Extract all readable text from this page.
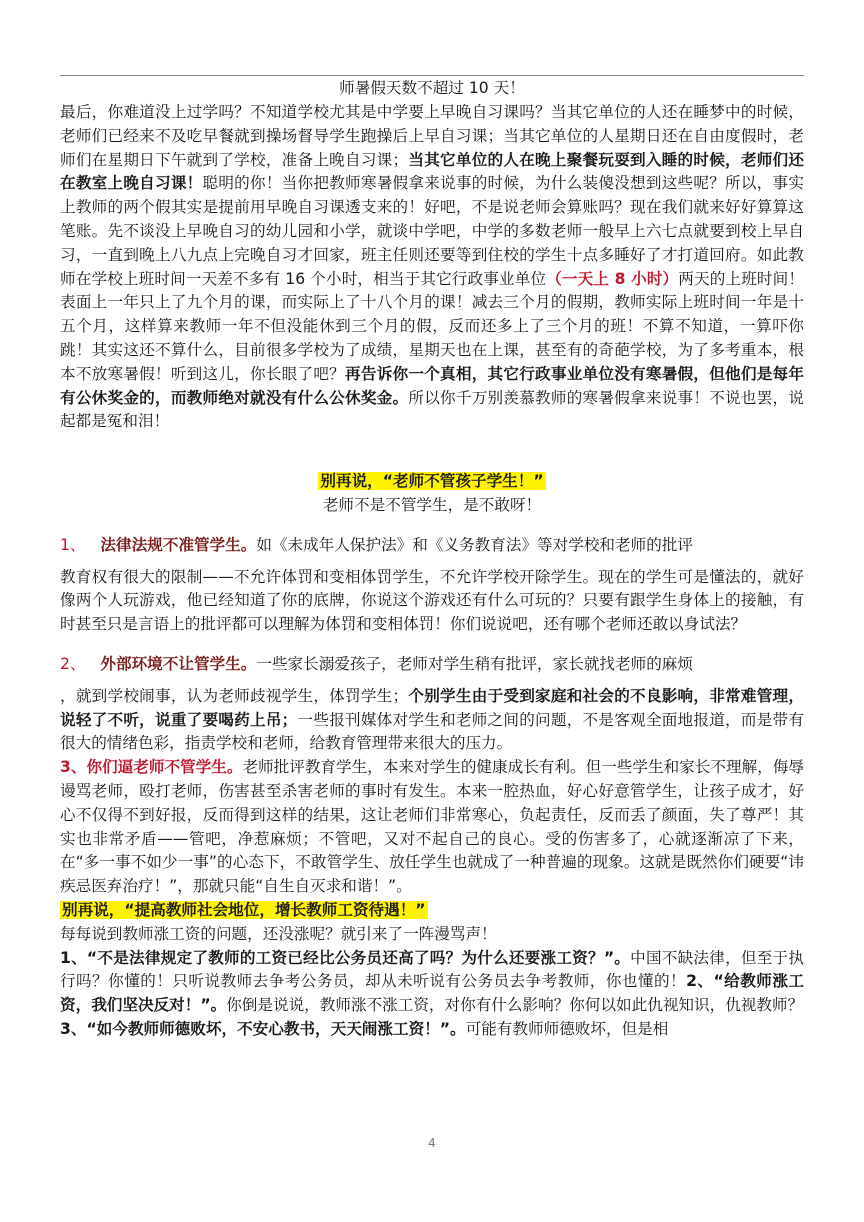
师暑假天数不超过 10 天！

最后，你难道没上过学吗？不知道学校尤其是中学要上早晚自习课吗？当其它单位的人还在睡梦中的时候，老师们已经来不及吃早餐就到操场督导学生跑操后上早自习课；当其它单位的人星期日还在自由度假时，老师们在星期日下午就到了学校，准备上晚自习课；当其它单位的人在晚上聚餐玩耍到入睡的时候，老师们还在教室上晚自习课！聪明的你！当你把教师寒暑假拿来说事的时候，为什么装傻没想到这些呢？所以，事实上教师的两个假其实是提前用早晚自习课透支来的！好吧，不是说老师会算账吗？现在我们就来好好算算这笔账。先不谈没上早晚自习的幼儿园和小学，就谈中学吧，中学的多数老师一般早上六七点就要到校上早自习，一直到晚上八九点上完晚自习才回家，班主任则还要等到住校的学生十点多睡好了才打道回府。如此教师在学校上班时间一天差不多有 16 个小时，相当于其它行政事业单位（一天上 8 小时）两天的上班时间！表面上一年只上了九个月的课，而实际上了十八个月的课！减去三个月的假期，教师实际上班时间一年是十五个月，这样算来教师一年不但没能休到三个月的假，反而还多上了三个月的班！不算不知道，一算吓你跳！其实这还不算什么，目前很多学校为了成绩，星期天也在上课，甚至有的奇葩学校，为了多考重本，根本不放寒暑假！听到这儿，你长眼了吧？再告诉你一个真相，其它行政事业单位没有寒暑假，但他们是每年有公休奖金的，而教师绝对就没有什么公休奖金。所以你千万别羡慕教师的寒暑假拿来说事！不说也罢，说起都是冤和泪！

别再说，“老师不管孩子学生！”

老师不是不管学生，是不敢呀！

1、 法律法规不准管学生。如《未成年人保护法》和《义务教育法》等对学校和老师的批评

教育权有很大的限制——不允许体罚和变相体罚学生，不允许学校开除学生。现在的学生可是懂法的，就好像两个人玩游戏，他已经知道了你的底牌，你说这个游戏还有什么可玩的？只要有跟学生身体上的接触，有时甚至只是言语上的批评都可以理解为体罚和变相体罚！你们说说吧，还有哪个老师还敢以身试法？

2、 外部环境不让管学生。一些家长溺爱孩子，老师对学生稍有批评，家长就找老师的麻烦

，就到学校闹事，认为老师歧视学生，体罚学生；个别学生由于受到家庭和社会的不良影响，非常难管理，说轻了不听，说重了要喝药上吊；一些报刊媒体对学生和老师之间的问题，不是客观全面地报道，而是带有很大的情绪色彩，指责学校和老师，给教育管理带来很大的压力。

3、你们逼老师不管学生。老师批评教育学生，本来对学生的健康成长有利。但一些学生和家长不理解，侮辱谩骂老师，殴打老师，伤害甚至杀害老师的事时有发生。本来一腔热血，好心好意管学生，让孩子成才，好心不仅得不到好报，反而得到这样的结果，这让老师们非常寒心，负起责任，反而丢了颜面，失了尊严！其实也非常矛盾——管吧，净惹麻烦；不管吧，又对不起自己的良心。受的伤害多了，心就逐渐凉了下来，在“多一事不如少一事”的心态下，不敢管学生、放任学生也就成了一种普遍的现象。这就是既然你们硬要“讳疾忌医弃治疗！”，那就只能“自生自灭求和谐！”。

别再说，“提高教师社会地位，增长教师工资待遇！”

每每说到教师涨工资的问题，还没涨呢？就引来了一阵漫骂声！

1、“不是法律规定了教师的工资已经比公务员还高了吗？为什么还要涨工资？”。中国不缺法律，但至于执行吗？你懂的！只听说教师去争考公务员，却从未听说有公务员去争考教师，你也懂的！2、“给教师涨工资，我们坚决反对！”。你倒是说说，教师涨不涨工资，对你有什么影响？你何以如此仇视知识，仇视教师？

3、“如今教师师德败坏，不安心教书，天天闹涨工资！”。可能有教师师德败坏，但是相

4
